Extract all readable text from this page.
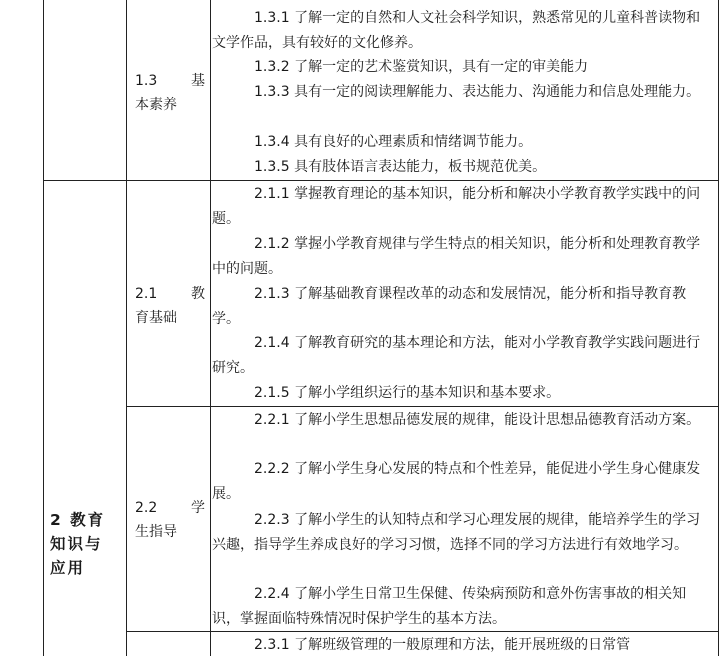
2 教育
知识与
应用
1.3 基
本素养
2.1 教
育基础
2.2 学
生指导
1.3.1 了解一定的自然和人文社会科学知识，熟悉常见的儿童科普读物和文学作品，具有较好的文化修养。
1.3.2 了解一定的艺术鉴赏知识，具有一定的审美能力
1.3.3 具有一定的阅读理解能力、表达能力、沟通能力和信息处理能力。
1.3.4 具有良好的心理素质和情绪调节能力。
1.3.5 具有肢体语言表达能力，板书规范优美。
2.1.1 掌握教育理论的基本知识，能分析和解决小学教育教学实践中的问题。
2.1.2 掌握小学教育规律与学生特点的相关知识，能分析和处理教育教学中的问题。
2.1.3 了解基础教育课程改革的动态和发展情况，能分析和指导教育教学。
2.1.4 了解教育研究的基本理论和方法，能对小学教育教学实践问题进行研究。
2.1.5 了解小学组织运行的基本知识和基本要求。
2.2.1 了解小学生思想品德发展的规律，能设计思想品德教育活动方案。
2.2.2 了解小学生身心发展的特点和个性差异，能促进小学生身心健康发展。
2.2.3 了解小学生的认知特点和学习心理发展的规律，能培养学生的学习兴趣，指导学生养成良好的学习习惯，选择不同的学习方法进行有效地学习。
2.2.4 了解小学生日常卫生保健、传染病预防和意外伤害事故的相关知识，掌握面临特殊情况时保护学生的基本方法。
2.3.1 了解班级管理的一般原理和方法，能开展班级的日常管
